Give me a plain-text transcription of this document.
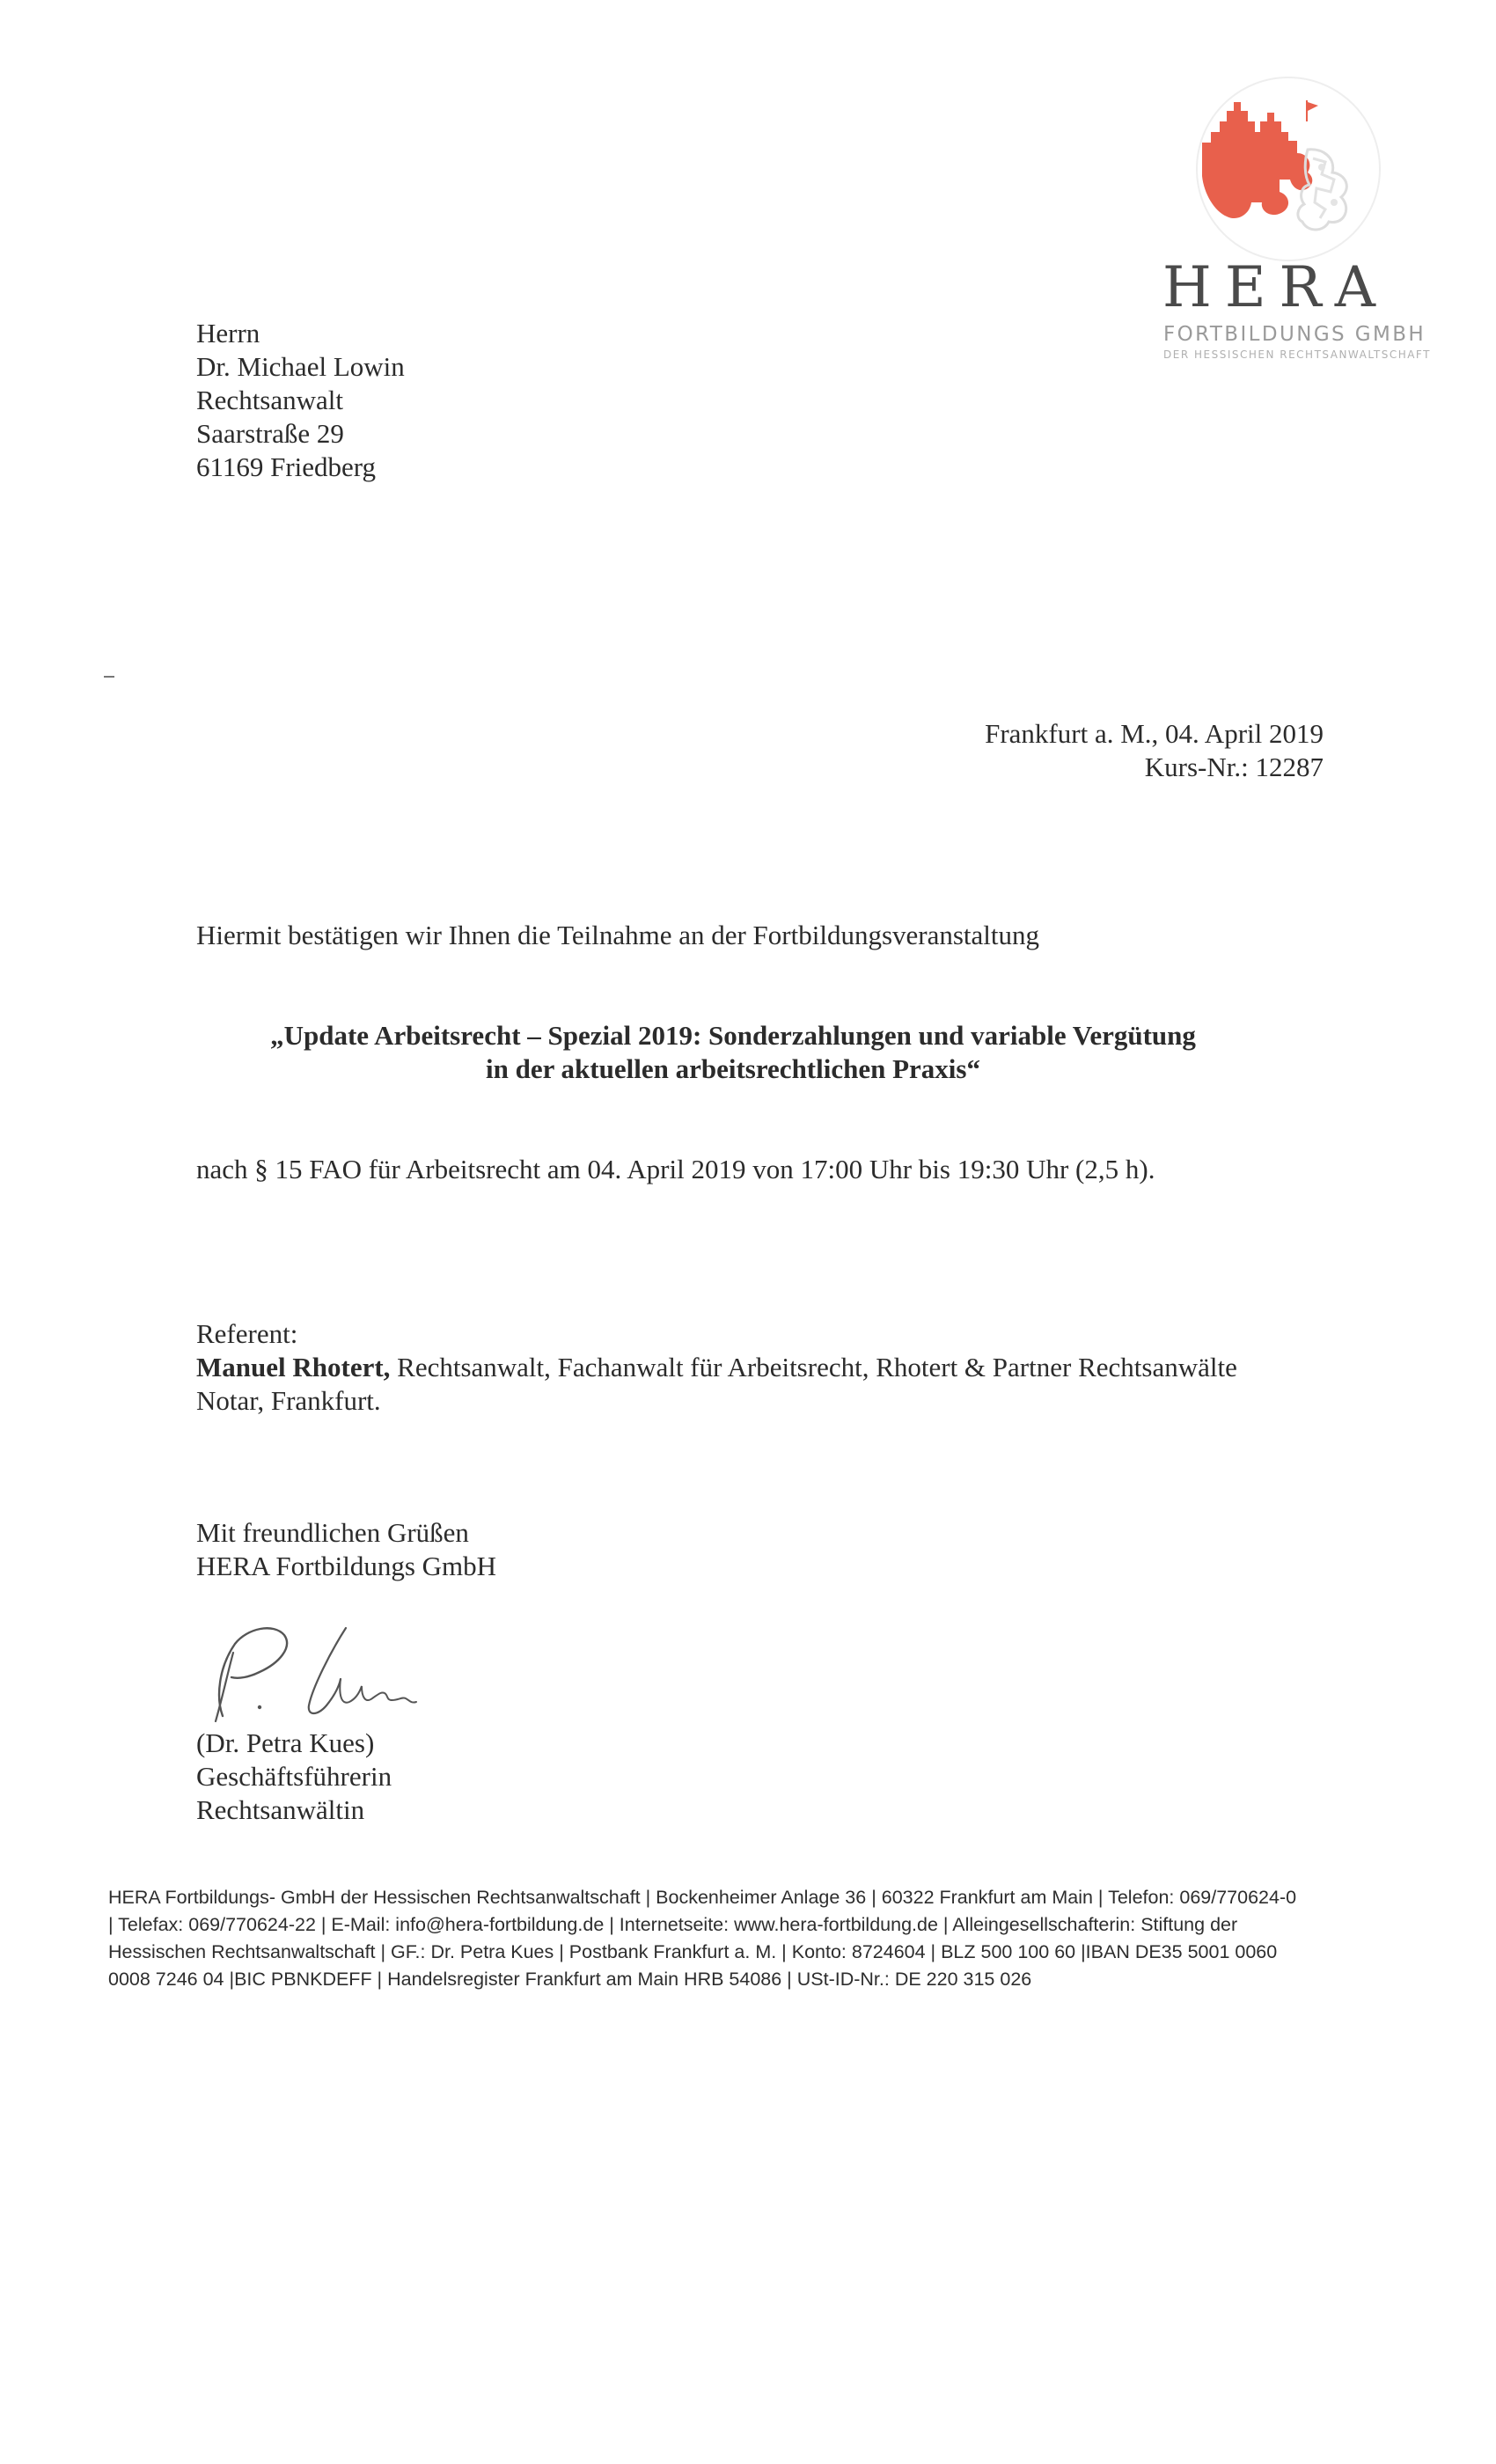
HERA
FORTBILDUNGS GMBH
DER HESSISCHEN RECHTSANWALTSCHAFT
Herrn
Dr. Michael Lowin
Rechtsanwalt
Saarstraße 29
61169 Friedberg
Frankfurt a. M., 04. April 2019
Kurs-Nr.: 12287
Hiermit bestätigen wir Ihnen die Teilnahme an der Fortbildungsveranstaltung
„Update Arbeitsrecht – Spezial 2019: Sonderzahlungen und variable Vergütung
in der aktuellen arbeitsrechtlichen Praxis“
nach § 15 FAO für Arbeitsrecht am 04. April 2019 von 17:00 Uhr bis 19:30 Uhr (2,5 h).
Referent:
Manuel Rhotert, Rechtsanwalt, Fachanwalt für Arbeitsrecht, Rhotert & Partner Rechtsanwälte
Notar, Frankfurt.
Mit freundlichen Grüßen
HERA Fortbildungs GmbH
(Dr. Petra Kues)
Geschäftsführerin
Rechtsanwältin
HERA Fortbildungs- GmbH der Hessischen Rechtsanwaltschaft | Bockenheimer Anlage 36 | 60322 Frankfurt am Main | Telefon: 069/770624-0
| Telefax: 069/770624-22 | E-Mail: info@hera-fortbildung.de | Internetseite: www.hera-fortbildung.de | Alleingesellschafterin: Stiftung der
Hessischen Rechtsanwaltschaft | GF.: Dr. Petra Kues | Postbank Frankfurt a. M. | Konto: 8724604 | BLZ 500 100 60 |IBAN DE35 5001 0060
0008 7246 04 |BIC PBNKDEFF | Handelsregister Frankfurt am Main HRB 54086 | USt-ID-Nr.: DE 220 315 026
